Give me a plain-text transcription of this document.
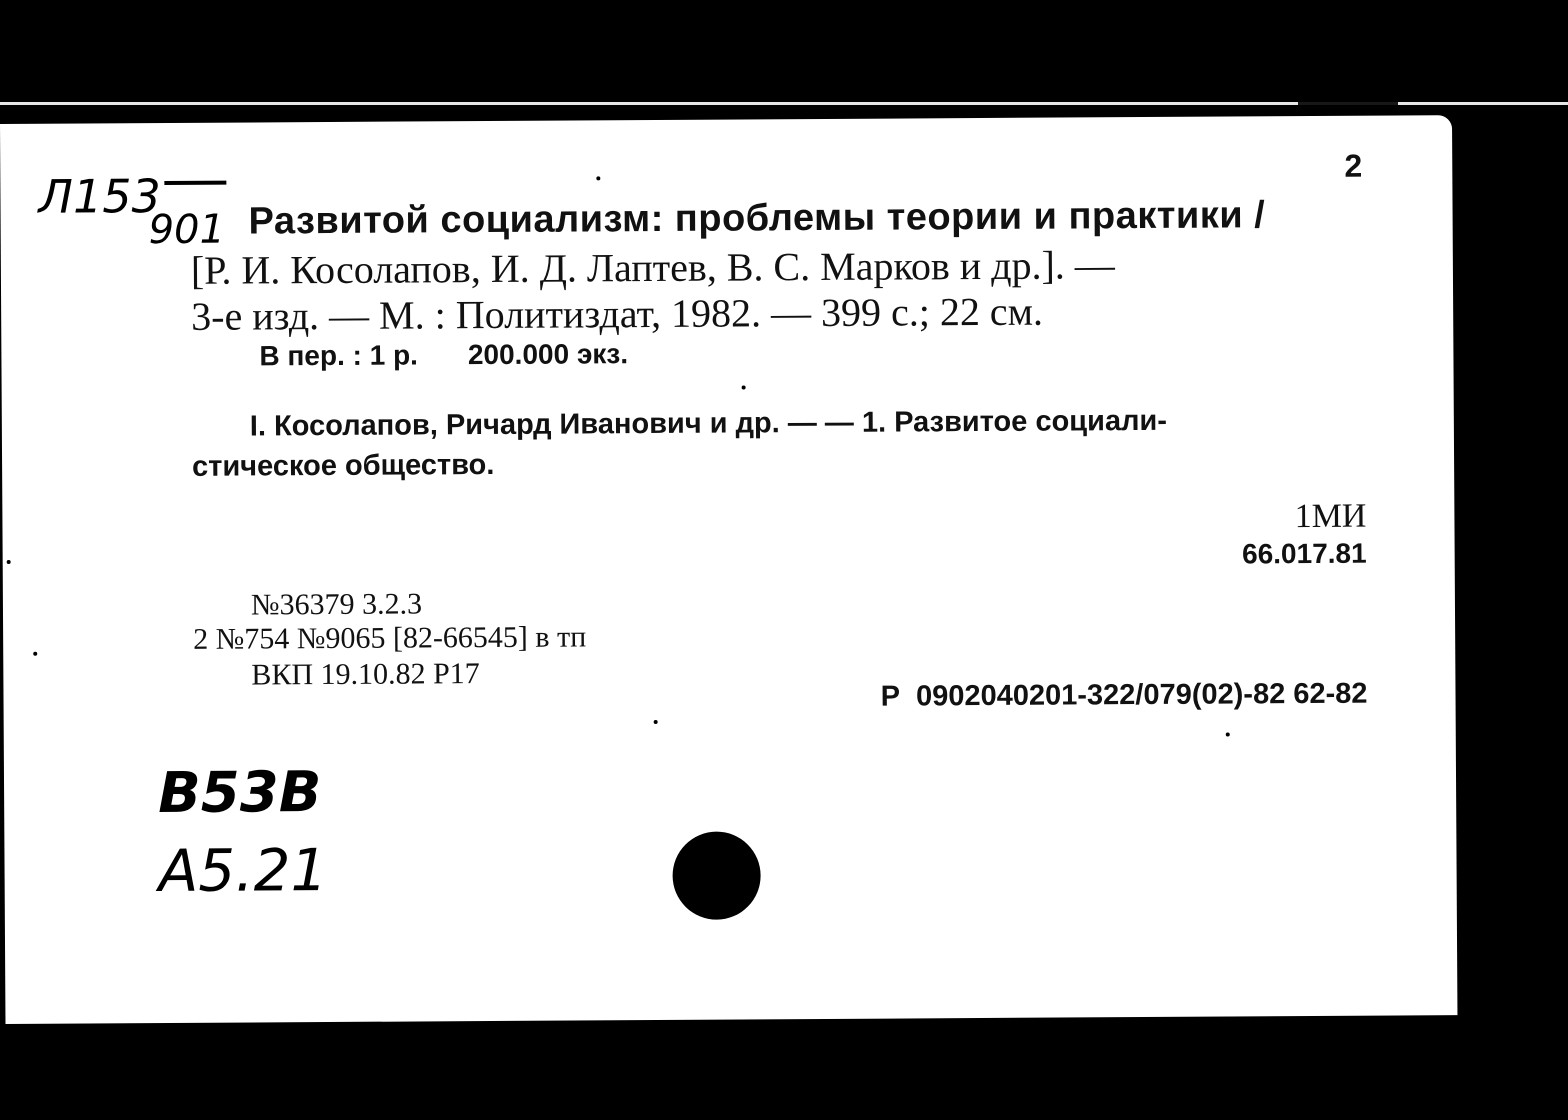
2
Л153
901 Развитой социализм: проблемы теории и практики /
[Р. И. Косолапов, И. Д. Лаптев, В. С. Марков и др.]. —
3-е изд. — М. : Политиздат, 1982. — 399 с.; 22 см.
В пер. : 1 р. 200.000 экз.
I. Косолапов, Ричард Иванович и др. — — 1. Развитое социали-
стическое общество.
1МИ
66.017.81
№36379 3.2.3
2 №754 №9065 [82-66545] в тп
ВКП 19.10.82 Р17
Р 0902040201-322/079(02)-82 62-82
В53В
А5.21
